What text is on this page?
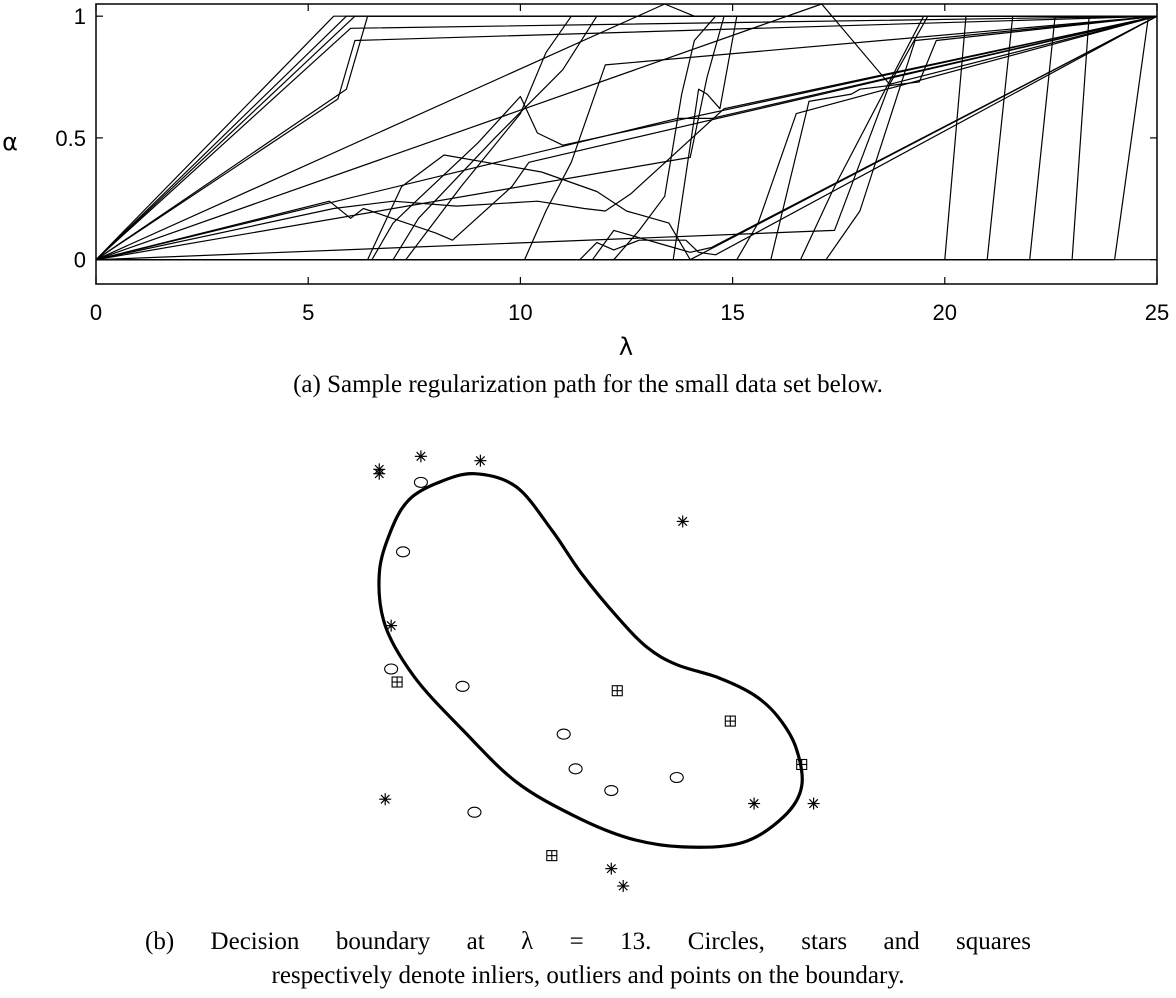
0	5	10	15	20	25
0
0.5
1
λ
α
(a) Sample regularization path for the small data set below.
(b) Decision boundary at λ = 13. Circles, stars and squares
respectively denote inliers, outliers and points on the boundary.
